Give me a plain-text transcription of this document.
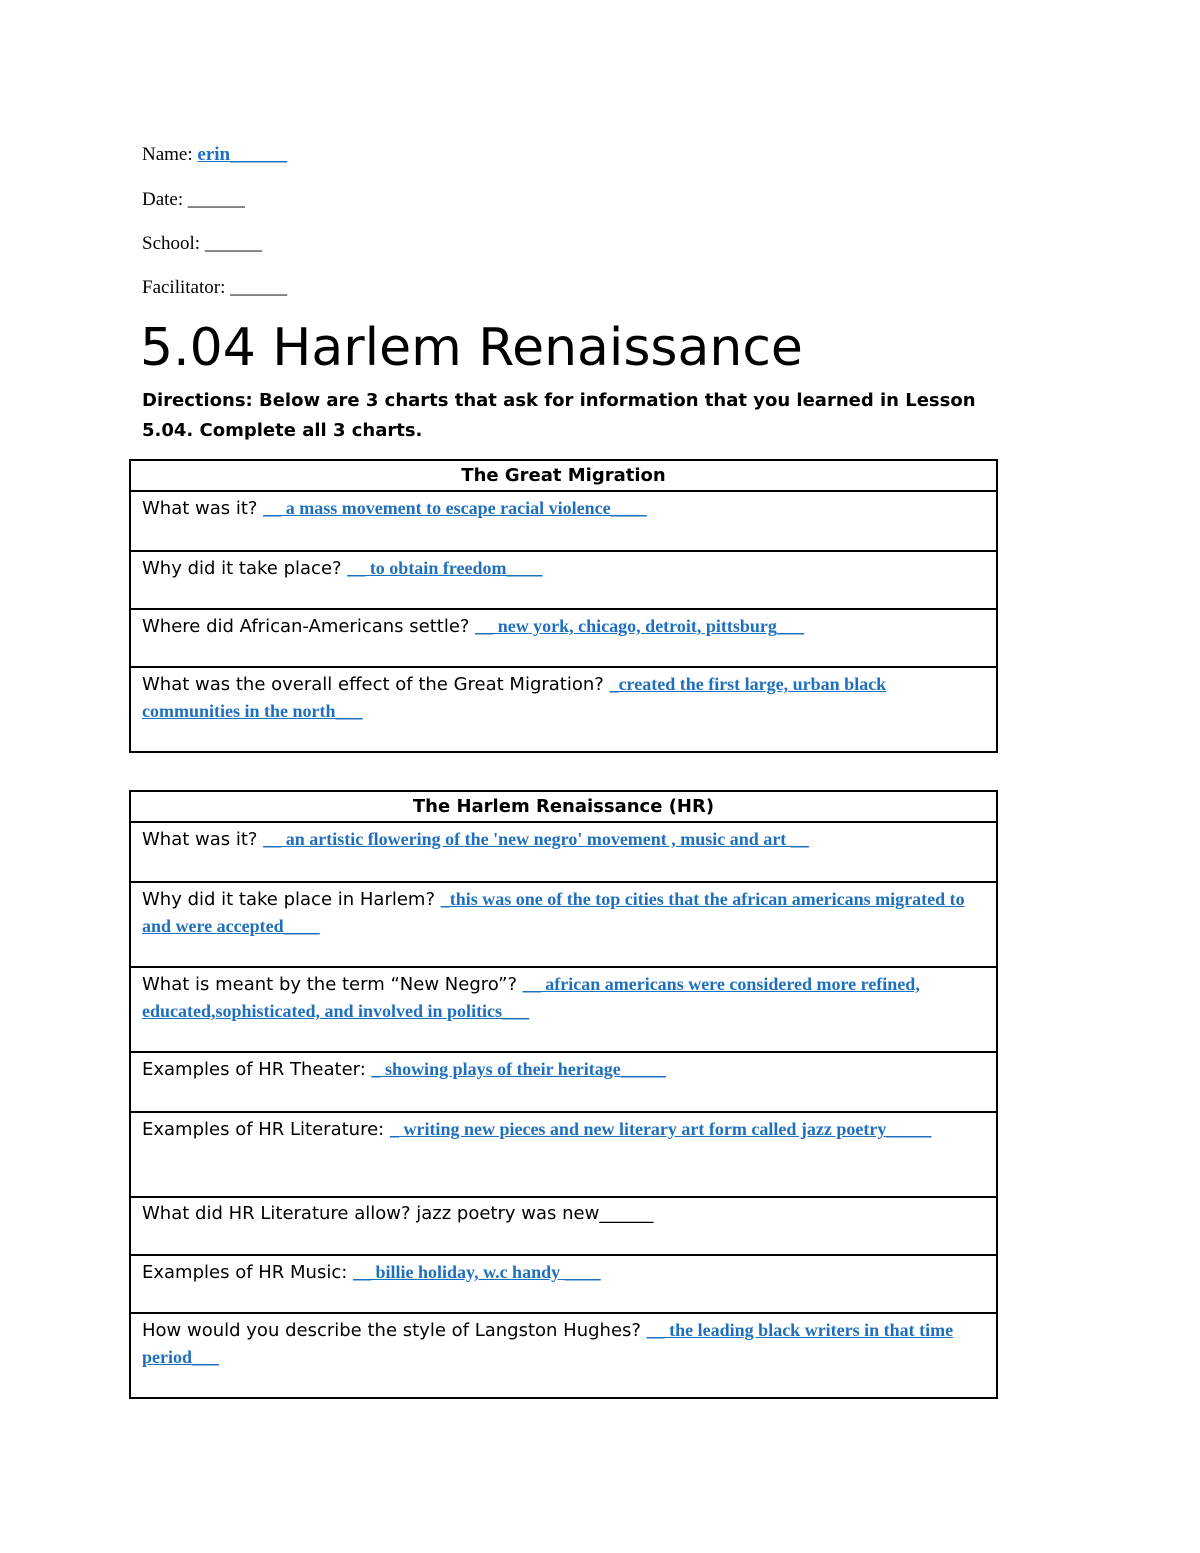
Name: erin______
Date: ______
School: ______
Facilitator: ______
5.04 Harlem Renaissance
Directions: Below are 3 charts that ask for information that you learned in Lesson 5.04. Complete all 3 charts.
The Great Migration
What was it? __ a mass movement to escape racial violence____
Why did it take place? __ to obtain freedom____
Where did African-Americans settle? __ new york, chicago, detroit, pittsburg___
What was the overall effect of the Great Migration? _created the first large, urban black communities in the north___
The Harlem Renaissance (HR)
What was it? __ an artistic flowering of the 'new negro' movement , music and art __
Why did it take place in Harlem? _this was one of the top cities that the african americans migrated to and were accepted____
What is meant by the term “New Negro”? __ african americans were considered more refined, educated,sophisticated, and involved in politics___
Examples of HR Theater: _ showing plays of their heritage_____
Examples of HR Literature: _ writing new pieces and new literary art form called jazz poetry_____
What did HR Literature allow? jazz poetry was new______
Examples of HR Music: __ billie holiday, w.c handy ____
How would you describe the style of Langston Hughes? __ the leading black writers in that time period___
